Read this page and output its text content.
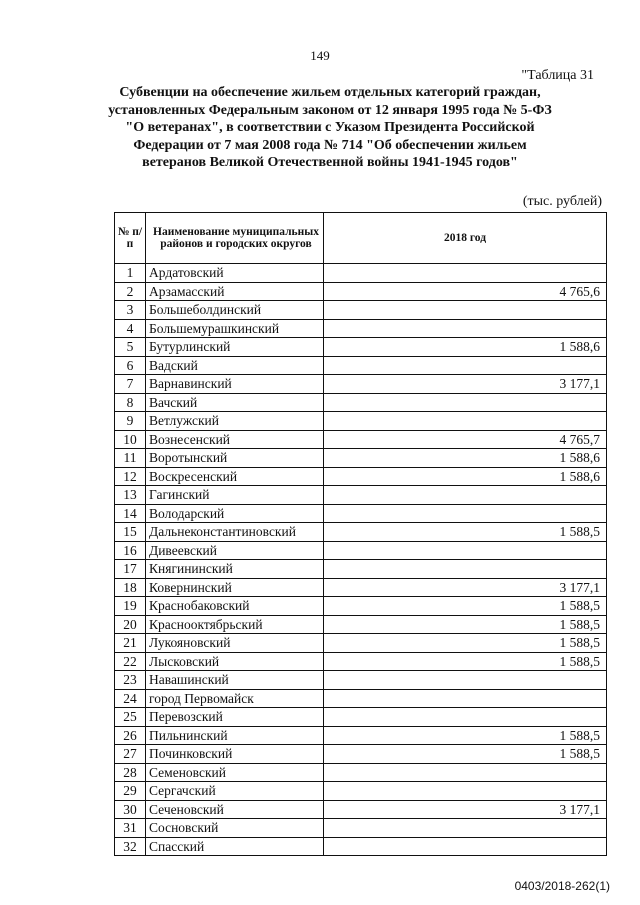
149
"Таблица 31
Субвенции на обеспечение жильем отдельных категорий граждан, установленных Федеральным законом от 12 января 1995 года № 5-ФЗ "О ветеранах", в соответствии с Указом Президента Российской Федерации от 7 мая 2008 года № 714 "Об обеспечении жильем ветеранов Великой Отечественной войны 1941-1945 годов"
(тыс. рублей)
№ п/п	Наименование муниципальных районов и городских округов	2018 год
1	Ардатовский	
2	Арзамасский	4 765,6
3	Большеболдинский	
4	Большемурашкинский	
5	Бутурлинский	1 588,6
6	Вадский	
7	Варнавинский	3 177,1
8	Вачский	
9	Ветлужский	
10	Вознесенский	4 765,7
11	Воротынский	1 588,6
12	Воскресенский	1 588,6
13	Гагинский	
14	Володарский	
15	Дальнеконстантиновский	1 588,5
16	Дивеевский	
17	Княгининский	
18	Ковернинский	3 177,1
19	Краснобаковский	1 588,5
20	Краснооктябрьский	1 588,5
21	Лукояновский	1 588,5
22	Лысковский	1 588,5
23	Навашинский	
24	город Первомайск	
25	Перевозский	
26	Пильнинский	1 588,5
27	Починковский	1 588,5
28	Семеновский	
29	Сергачский	
30	Сеченовский	3 177,1
31	Сосновский	
32	Спасский	
0403/2018-262(1)
